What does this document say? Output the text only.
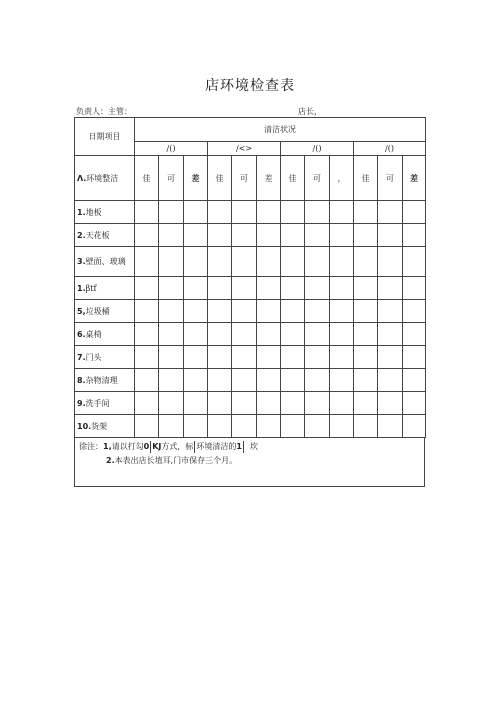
店环境检查表
负责人：主管：	店长，
日期项目	清洁状况											
	/()			/<>			/()			/()		
Λ.环境整洁	佳	可	差	佳	可	差	佳	可	，	佳	可	差
1.地板												
2.天花板												
3.壁面、玻璃												
1.βtf												
5,垃圾桶												
6.桌椅												
7.门头												
8.杂物清理												
9.洗手间												
10.货架												
徐注：1,请以打勾0 KJ方式，标 环境清洁的1 坎
2.本表出店长埴耳,门市保存三个月。
